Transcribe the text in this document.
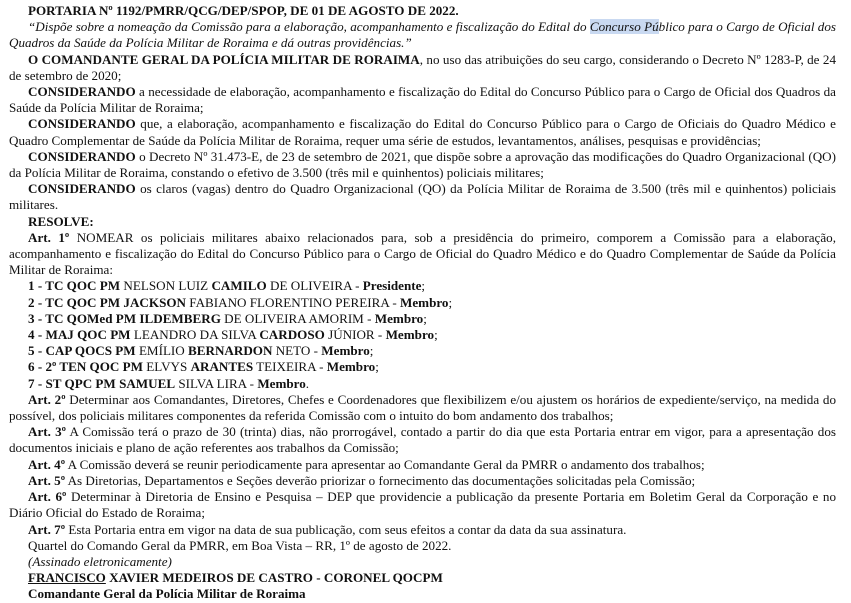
PORTARIA Nº 1192/PMRR/QCG/DEP/SPOP, DE 01 DE AGOSTO DE 2022.

“Dispõe sobre a nomeação da Comissão para a elaboração, acompanhamento e fiscalização do Edital do Concurso Público para o Cargo de Oficial dos Quadros da Saúde da Polícia Militar de Roraima e dá outras providências.”

O COMANDANTE GERAL DA POLÍCIA MILITAR DE RORAIMA, no uso das atribuições do seu cargo, considerando o Decreto Nº 1283-P, de 24 de setembro de 2020;

CONSIDERANDO a necessidade de elaboração, acompanhamento e fiscalização do Edital do Concurso Público para o Cargo de Oficial dos Quadros da Saúde da Polícia Militar de Roraima;

CONSIDERANDO que, a elaboração, acompanhamento e fiscalização do Edital do Concurso Público para o Cargo de Oficiais do Quadro Médico e Quadro Complementar de Saúde da Polícia Militar de Roraima, requer uma série de estudos, levantamentos, análises, pesquisas e providências;

CONSIDERANDO o Decreto Nº 31.473-E, de 23 de setembro de 2021, que dispõe sobre a aprovação das modificações do Quadro Organizacional (QO) da Polícia Militar de Roraima, constando o efetivo de 3.500 (três mil e quinhentos) policiais militares;

CONSIDERANDO os claros (vagas) dentro do Quadro Organizacional (QO) da Polícia Militar de Roraima de 3.500 (três mil e quinhentos) policiais militares.

RESOLVE:

Art. 1º NOMEAR os policiais militares abaixo relacionados para, sob a presidência do primeiro, comporem a Comissão para a elaboração, acompanhamento e fiscalização do Edital do Concurso Público para o Cargo de Oficial do Quadro Médico e do Quadro Complementar de Saúde da Polícia Militar de Roraima:

1 - TC QOC PM NELSON LUIZ CAMILO DE OLIVEIRA - Presidente;
2 - TC QOC PM JACKSON FABIANO FLORENTINO PEREIRA - Membro;
3 - TC QOMed PM ILDEMBERG DE OLIVEIRA AMORIM - Membro;
4 - MAJ QOC PM LEANDRO DA SILVA CARDOSO JÚNIOR - Membro;
5 - CAP QOCS PM EMÍLIO BERNARDON NETO - Membro;
6 - 2º TEN QOC PM ELVYS ARANTES TEIXEIRA - Membro;
7 - ST QPC PM SAMUEL SILVA LIRA - Membro.

Art. 2º Determinar aos Comandantes, Diretores, Chefes e Coordenadores que flexibilizem e/ou ajustem os horários de expediente/serviço, na medida do possível, dos policiais militares componentes da referida Comissão com o intuito do bom andamento dos trabalhos;

Art. 3º A Comissão terá o prazo de 30 (trinta) dias, não prorrogável, contado a partir do dia que esta Portaria entrar em vigor, para a apresentação dos documentos iniciais e plano de ação referentes aos trabalhos da Comissão;

Art. 4º A Comissão deverá se reunir periodicamente para apresentar ao Comandante Geral da PMRR o andamento dos trabalhos;

Art. 5º As Diretorias, Departamentos e Seções deverão priorizar o fornecimento das documentações solicitadas pela Comissão;

Art. 6º Determinar à Diretoria de Ensino e Pesquisa – DEP que providencie a publicação da presente Portaria em Boletim Geral da Corporação e no Diário Oficial do Estado de Roraima;

Art. 7º Esta Portaria entra em vigor na data de sua publicação, com seus efeitos a contar da data da sua assinatura.

Quartel do Comando Geral da PMRR, em Boa Vista – RR, 1º de agosto de 2022.

(Assinado eletronicamente)

FRANCISCO XAVIER MEDEIROS DE CASTRO - CORONEL QOCPM

Comandante Geral da Polícia Militar de Roraima
